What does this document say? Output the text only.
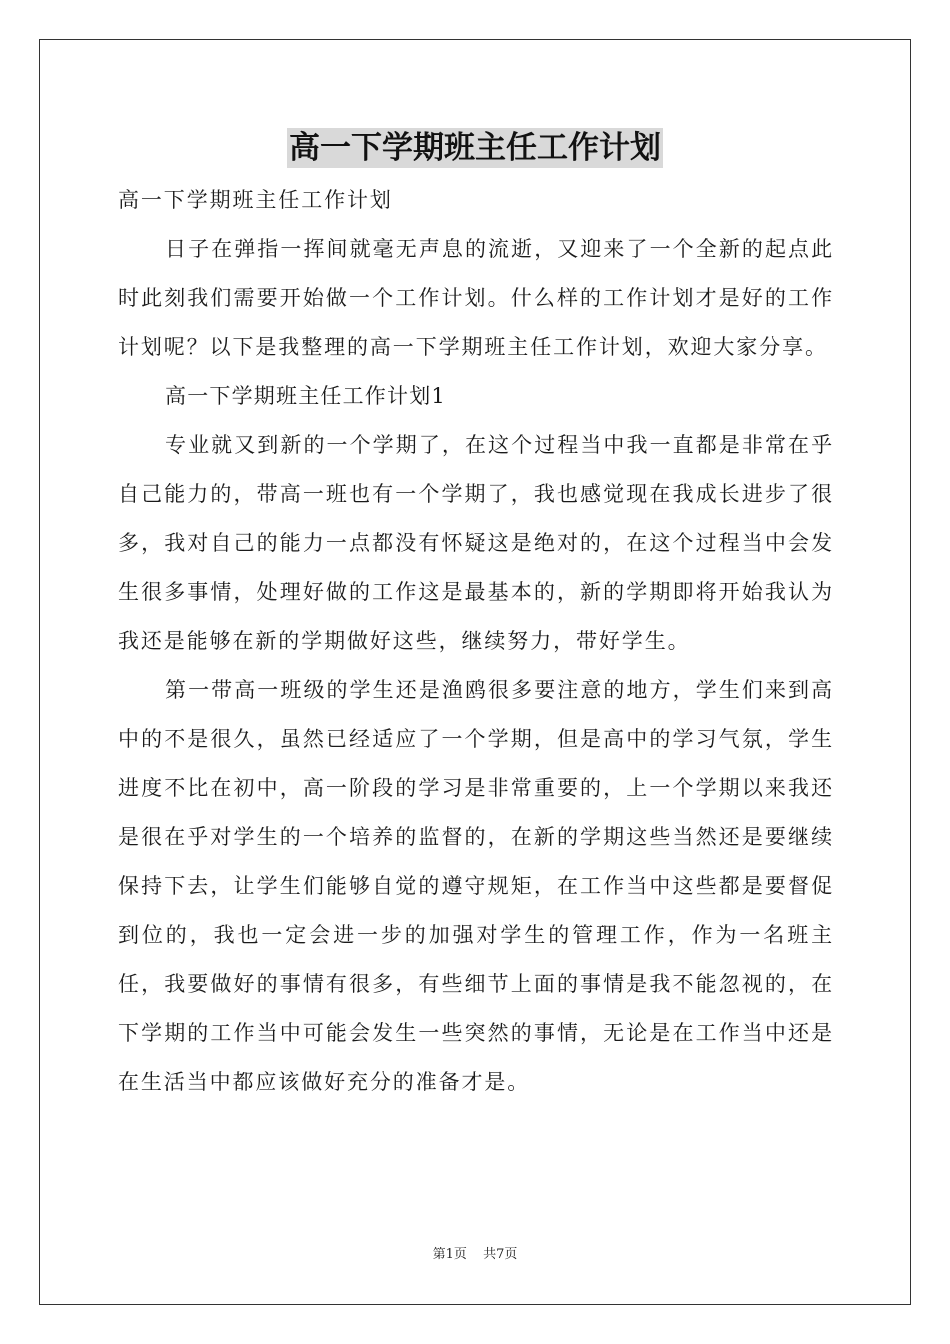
高一下学期班主任工作计划

高一下学期班主任工作计划

日子在弹指一挥间就毫无声息的流逝，又迎来了一个全新的起点此时此刻我们需要开始做一个工作计划。什么样的工作计划才是好的工作计划呢？以下是我整理的高一下学期班主任工作计划，欢迎大家分享。

高一下学期班主任工作计划1

专业就又到新的一个学期了，在这个过程当中我一直都是非常在乎自己能力的，带高一班也有一个学期了，我也感觉现在我成长进步了很多，我对自己的能力一点都没有怀疑这是绝对的，在这个过程当中会发生很多事情，处理好做的工作这是最基本的，新的学期即将开始我认为我还是能够在新的学期做好这些，继续努力，带好学生。

第一带高一班级的学生还是渔鸥很多要注意的地方，学生们来到高中的不是很久，虽然已经适应了一个学期，但是高中的学习气氛，学生进度不比在初中，高一阶段的学习是非常重要的，上一个学期以来我还是很在乎对学生的一个培养的监督的，在新的学期这些当然还是要继续保持下去，让学生们能够自觉的遵守规矩，在工作当中这些都是要督促到位的，我也一定会进一步的加强对学生的管理工作，作为一名班主任，我要做好的事情有很多，有些细节上面的事情是我不能忽视的，在下学期的工作当中可能会发生一些突然的事情，无论是在工作当中还是在生活当中都应该做好充分的准备才是。

第1页 共7页
